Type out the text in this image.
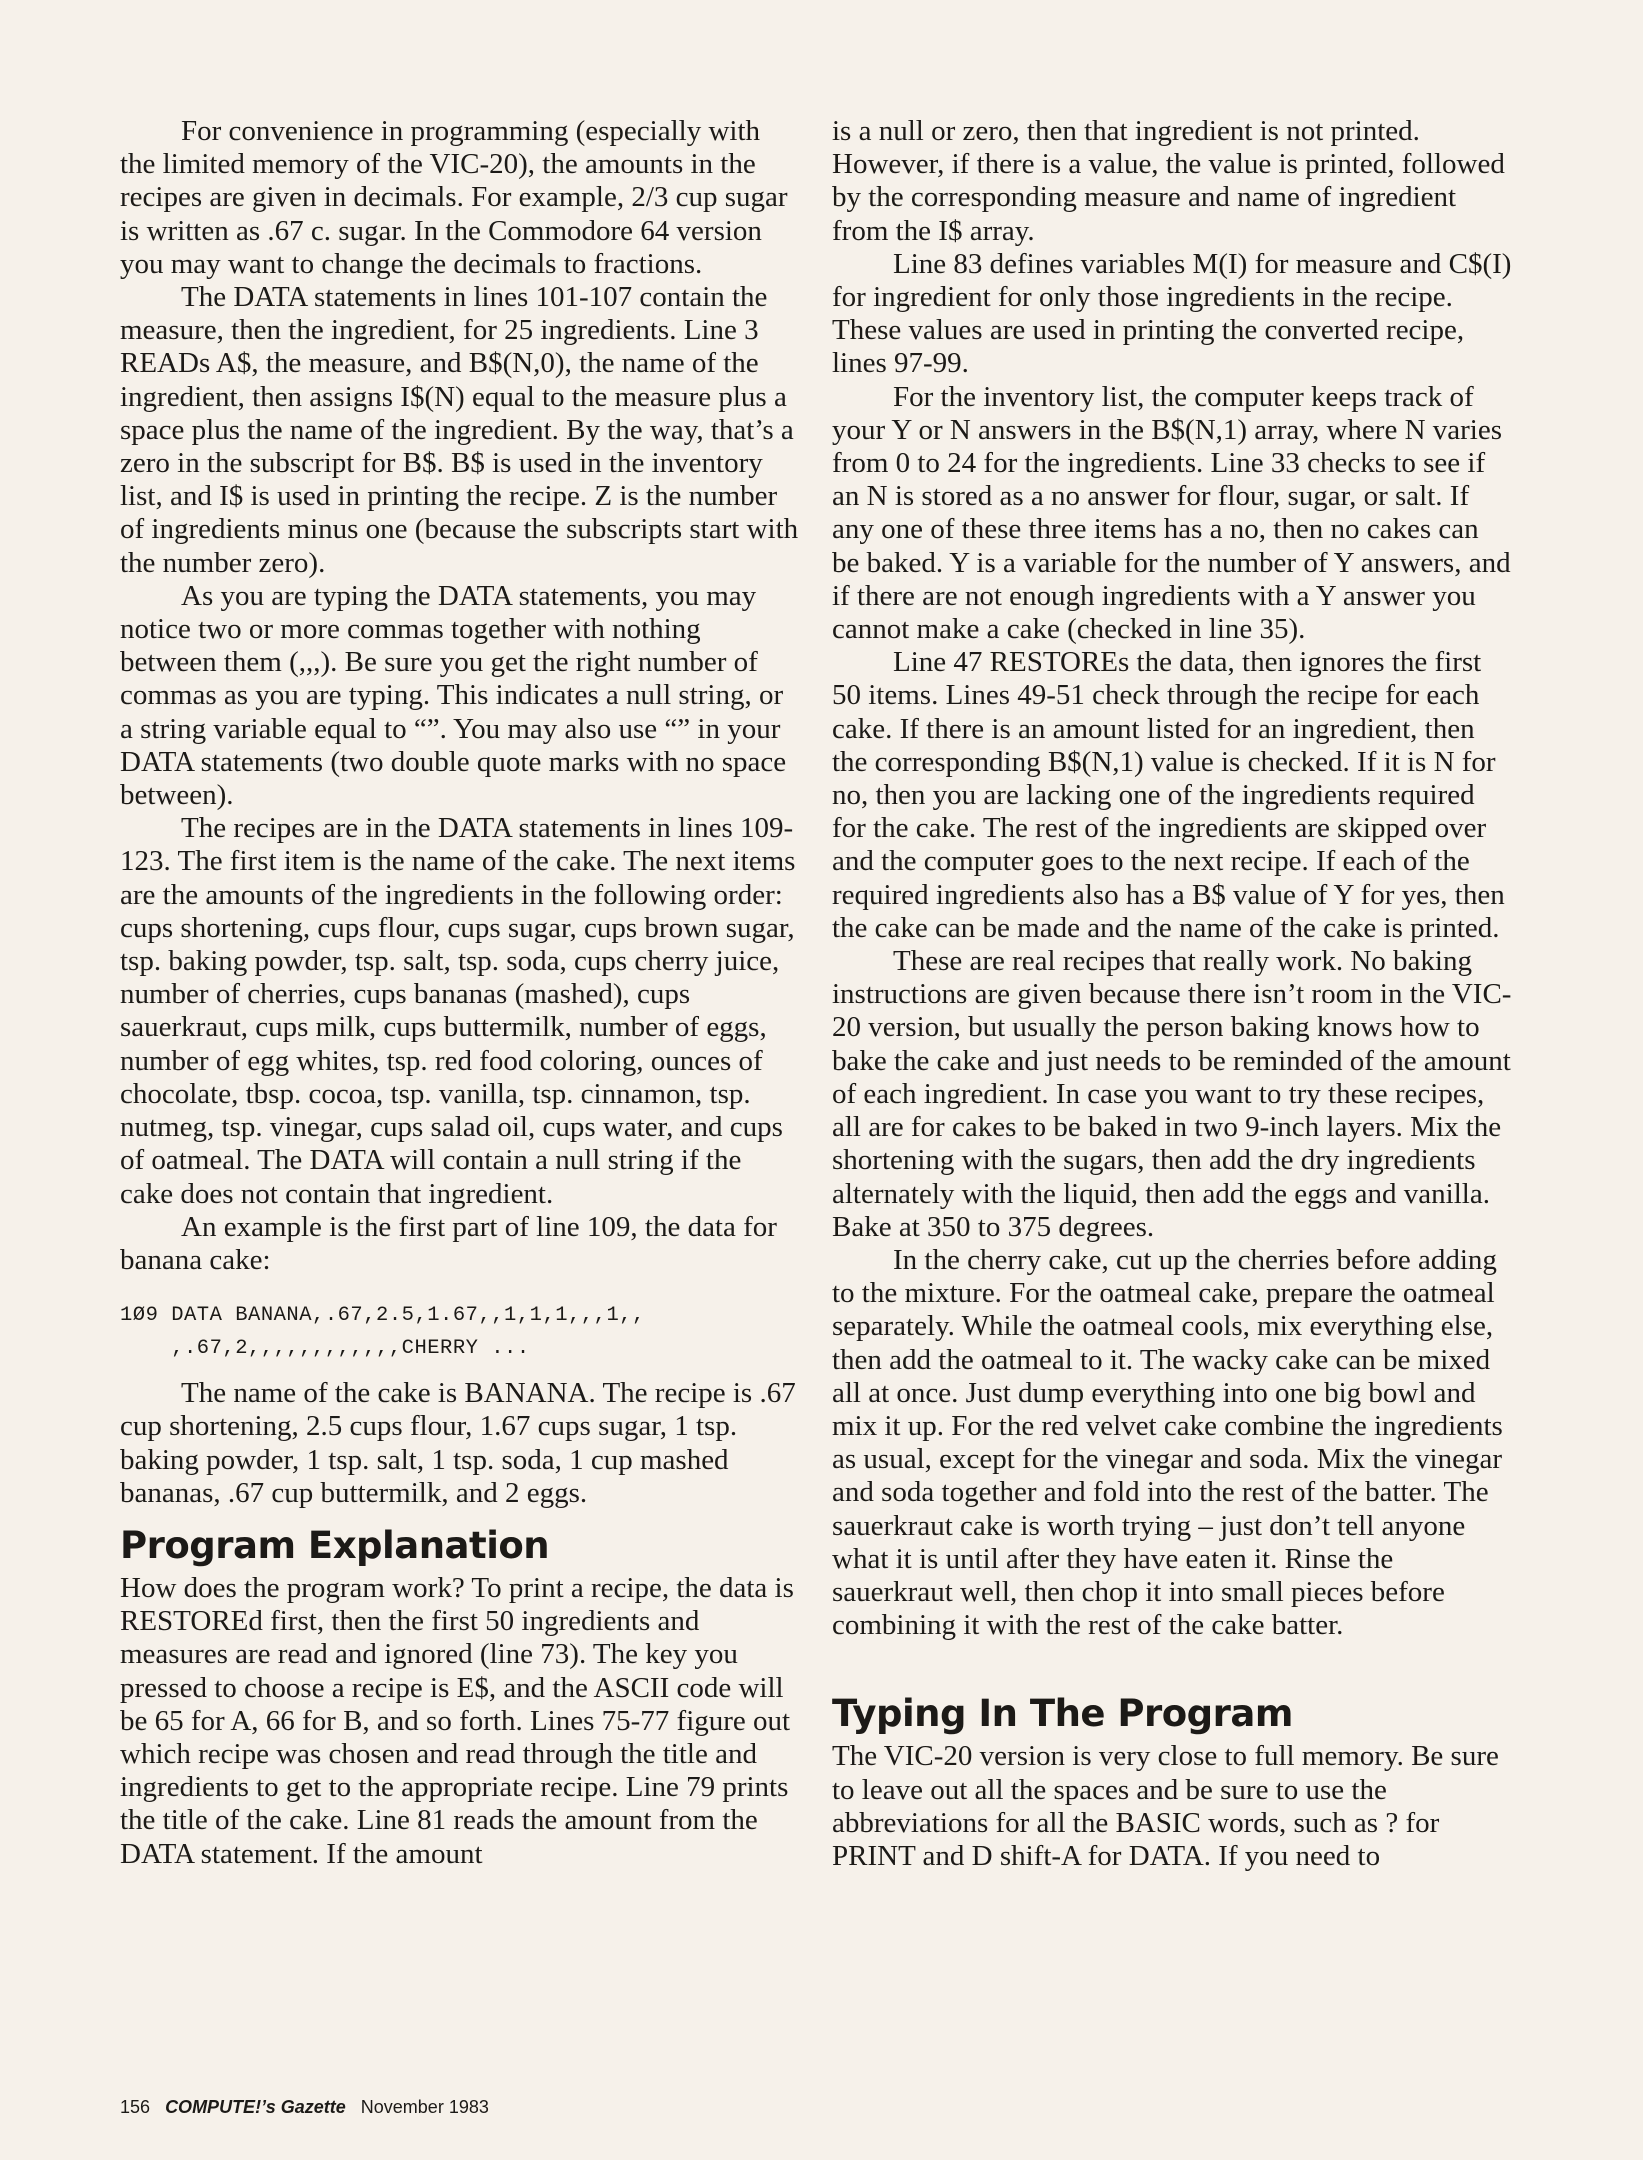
For convenience in programming (especially with the limited memory of the VIC-20), the amounts in the recipes are given in decimals. For example, 2/3 cup sugar is written as .67 c. sugar. In the Commodore 64 version you may want to change the decimals to fractions.

The DATA statements in lines 101-107 contain the measure, then the ingredient, for 25 ingredients. Line 3 READs A$, the measure, and B$(N,0), the name of the ingredient, then assigns I$(N) equal to the measure plus a space plus the name of the ingredient. By the way, that’s a zero in the subscript for B$. B$ is used in the inventory list, and I$ is used in printing the recipe. Z is the number of ingredients minus one (because the subscripts start with the number zero).

As you are typing the DATA statements, you may notice two or more commas together with nothing between them (,,,). Be sure you get the right number of commas as you are typing. This indicates a null string, or a string variable equal to “”. You may also use “” in your DATA statements (two double quote marks with no space between).

The recipes are in the DATA statements in lines 109-123. The first item is the name of the cake. The next items are the amounts of the ingredients in the following order: cups shortening, cups flour, cups sugar, cups brown sugar, tsp. baking powder, tsp. salt, tsp. soda, cups cherry juice, number of cherries, cups bananas (mashed), cups sauerkraut, cups milk, cups buttermilk, number of eggs, number of egg whites, tsp. red food coloring, ounces of chocolate, tbsp. cocoa, tsp. vanilla, tsp. cinnamon, tsp. nutmeg, tsp. vinegar, cups salad oil, cups water, and cups of oatmeal. The DATA will contain a null string if the cake does not contain that ingredient.

An example is the first part of line 109, the data for banana cake:

1Ø9 DATA BANANA,.67,2.5,1.67,,1,1,1,,,1,,
,.67,2,,,,,,,,,,,,CHERRY ...

The name of the cake is BANANA. The recipe is .67 cup shortening, 2.5 cups flour, 1.67 cups sugar, 1 tsp. baking powder, 1 tsp. salt, 1 tsp. soda, 1 cup mashed bananas, .67 cup buttermilk, and 2 eggs.

Program Explanation

How does the program work? To print a recipe, the data is RESTOREd first, then the first 50 ingredients and measures are read and ignored (line 73). The key you pressed to choose a recipe is E$, and the ASCII code will be 65 for A, 66 for B, and so forth. Lines 75-77 figure out which recipe was chosen and read through the title and ingredients to get to the appropriate recipe. Line 79 prints the title of the cake. Line 81 reads the amount from the DATA statement. If the amount

is a null or zero, then that ingredient is not printed. However, if there is a value, the value is printed, followed by the corresponding measure and name of ingredient from the I$ array.

Line 83 defines variables M(I) for measure and C$(I) for ingredient for only those ingredients in the recipe. These values are used in printing the converted recipe, lines 97-99.

For the inventory list, the computer keeps track of your Y or N answers in the B$(N,1) array, where N varies from 0 to 24 for the ingredients. Line 33 checks to see if an N is stored as a no answer for flour, sugar, or salt. If any one of these three items has a no, then no cakes can be baked. Y is a variable for the number of Y answers, and if there are not enough ingredients with a Y answer you cannot make a cake (checked in line 35).

Line 47 RESTOREs the data, then ignores the first 50 items. Lines 49-51 check through the recipe for each cake. If there is an amount listed for an ingredient, then the corresponding B$(N,1) value is checked. If it is N for no, then you are lacking one of the ingredients required for the cake. The rest of the ingredients are skipped over and the computer goes to the next recipe. If each of the required ingredients also has a B$ value of Y for yes, then the cake can be made and the name of the cake is printed.

These are real recipes that really work. No baking instructions are given because there isn’t room in the VIC-20 version, but usually the person baking knows how to bake the cake and just needs to be reminded of the amount of each ingredient. In case you want to try these recipes, all are for cakes to be baked in two 9-inch layers. Mix the shortening with the sugars, then add the dry ingredients alternately with the liquid, then add the eggs and vanilla. Bake at 350 to 375 degrees.

In the cherry cake, cut up the cherries before adding to the mixture. For the oatmeal cake, prepare the oatmeal separately. While the oatmeal cools, mix everything else, then add the oatmeal to it. The wacky cake can be mixed all at once. Just dump everything into one big bowl and mix it up. For the red velvet cake combine the ingredients as usual, except for the vinegar and soda. Mix the vinegar and soda together and fold into the rest of the batter. The sauerkraut cake is worth trying – just don’t tell anyone what it is until after they have eaten it. Rinse the sauerkraut well, then chop it into small pieces before combining it with the rest of the cake batter.

Typing In The Program

The VIC-20 version is very close to full memory. Be sure to leave out all the spaces and be sure to use the abbreviations for all the BASIC words, such as ? for PRINT and D shift-A for DATA. If you need to

156 COMPUTE!’s Gazette November 1983
